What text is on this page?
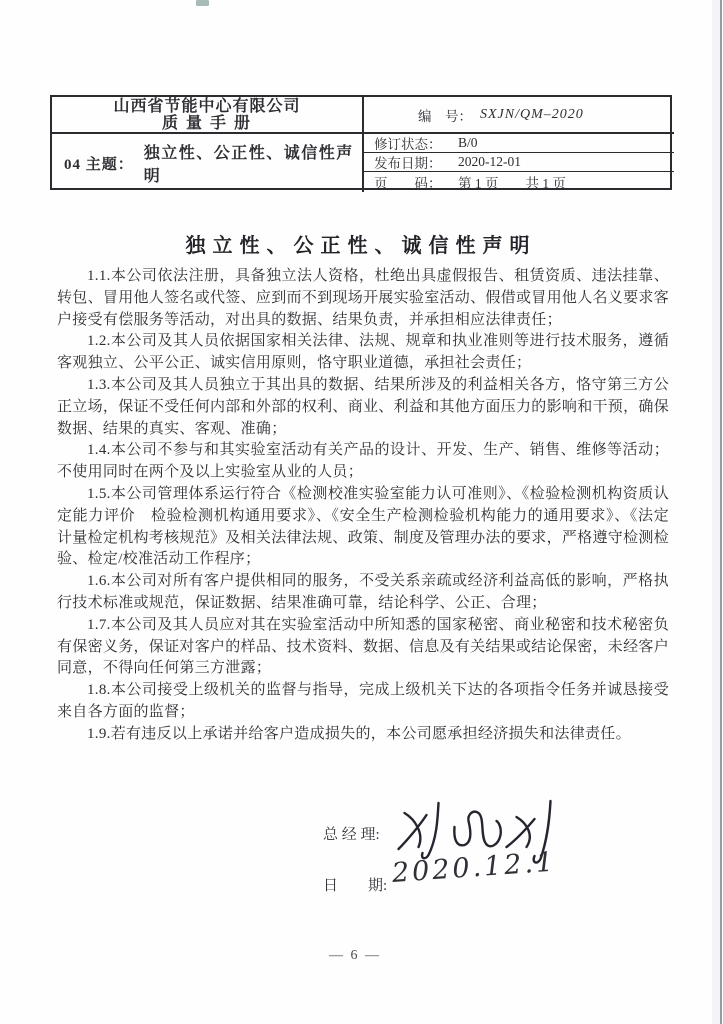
山西省节能中心有限公司
质 量 手 册
04 主题：
独立性、公正性、诚信性声明
编　号： SXJN/QM–2020
修订状态：	B/0
发布日期：	2020-12-01
页　　码：	第 1 页　　共 1 页
独立性、公正性、诚信性声明

1.1.本公司依法注册，具备独立法人资格，杜绝出具虚假报告、租赁资质、违法挂靠、转包、冒用他人签名或代签、应到而不到现场开展实验室活动、假借或冒用他人名义要求客户接受有偿服务等活动，对出具的数据、结果负责，并承担相应法律责任；

1.2.本公司及其人员依据国家相关法律、法规、规章和执业准则等进行技术服务，遵循客观独立、公平公正、诚实信用原则，恪守职业道德，承担社会责任；

1.3.本公司及其人员独立于其出具的数据、结果所涉及的利益相关各方，恪守第三方公正立场，保证不受任何内部和外部的权利、商业、利益和其他方面压力的影响和干预，确保数据、结果的真实、客观、准确；

1.4.本公司不参与和其实验室活动有关产品的设计、开发、生产、销售、维修等活动；不使用同时在两个及以上实验室从业的人员；

1.5.本公司管理体系运行符合《检测校准实验室能力认可准则》、《检验检测机构资质认定能力评价　检验检测机构通用要求》、《安全生产检测检验机构能力的通用要求》、《法定计量检定机构考核规范》及相关法律法规、政策、制度及管理办法的要求，严格遵守检测检验、检定/校准活动工作程序；

1.6.本公司对所有客户提供相同的服务，不受关系亲疏或经济利益高低的影响，严格执行技术标准或规范，保证数据、结果准确可靠，结论科学、公正、合理；

1.7.本公司及其人员应对其在实验室活动中所知悉的国家秘密、商业秘密和技术秘密负有保密义务，保证对客户的样品、技术资料、数据、信息及有关结果或结论保密，未经客户同意，不得向任何第三方泄露；

1.8.本公司接受上级机关的监督与指导，完成上级机关下达的各项指令任务并诚恳接受来自各方面的监督；

1.9.若有违反以上承诺并给客户造成损失的，本公司愿承担经济损失和法律责任。

总 经 理:
日　　期: 2020.12.1
— 6 —
